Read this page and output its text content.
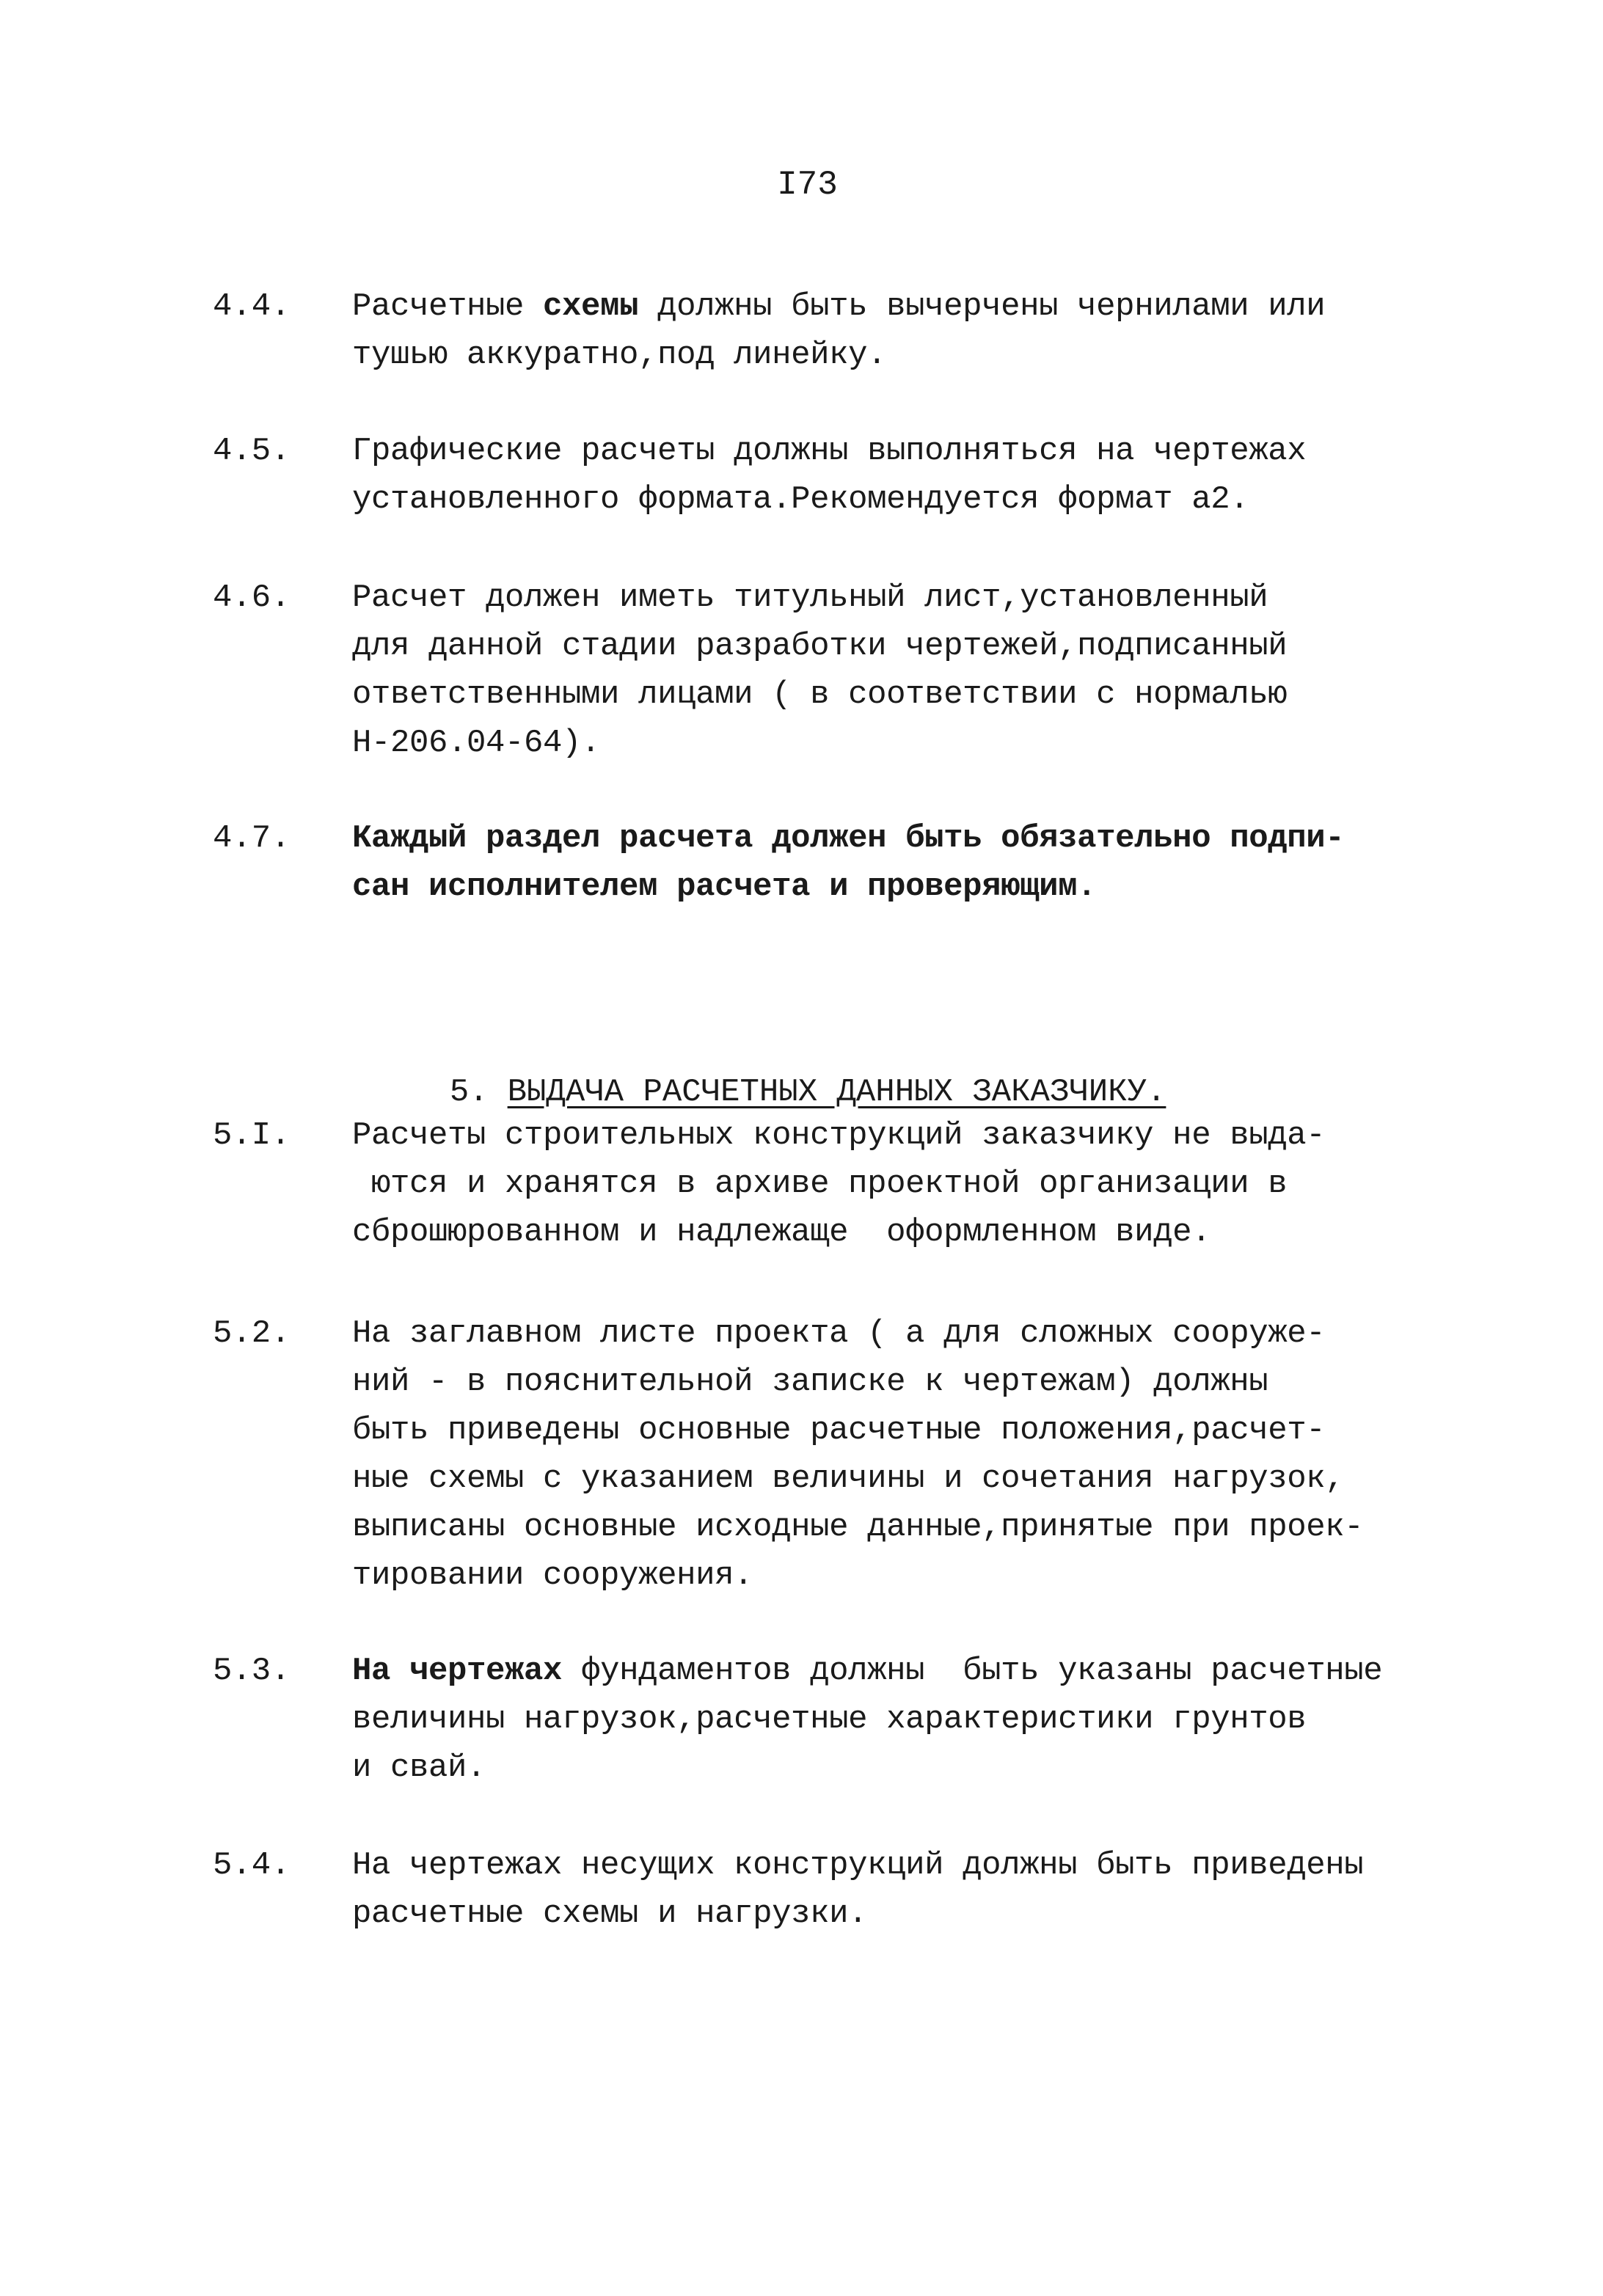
I73
4.4. Расчетные схемы должны быть вычерчены чернилами или
тушью аккуратно,под линейку.
4.5. Графические расчеты должны выполняться на чертежах
установленного формата.Рекомендуется формат а2.
4.6. Расчет должен иметь титульный лист,установленный
для данной стадии разработки чертежей,подписанный
ответственными лицами ( в соответствии с нормалью
Н-206.04-64).
4.7. Каждый раздел расчета должен быть обязательно подпи-
сан исполнителем расчета и проверяющим.

5. ВЫДАЧА РАСЧЕТНЫХ ДАННЫХ ЗАКАЗЧИКУ.

5.I. Расчеты строительных конструкций заказчику не выда-
ются и хранятся в архиве проектной организации в
сброшюрованном и надлежаще  оформленном виде.
5.2. На заглавном листе проекта ( а для сложных сооруже-
ний - в пояснительной записке к чертежам) должны
быть приведены основные расчетные положения,расчет-
ные схемы с указанием величины и сочетания нагрузок,
выписаны основные исходные данные,принятые при проек-
тировании сооружения.
5.3. На чертежах фундаментов должны  быть указаны расчетные
величины нагрузок,расчетные характеристики грунтов
и свай.
5.4. На чертежах несущих конструкций должны быть приведены
расчетные схемы и нагрузки.
